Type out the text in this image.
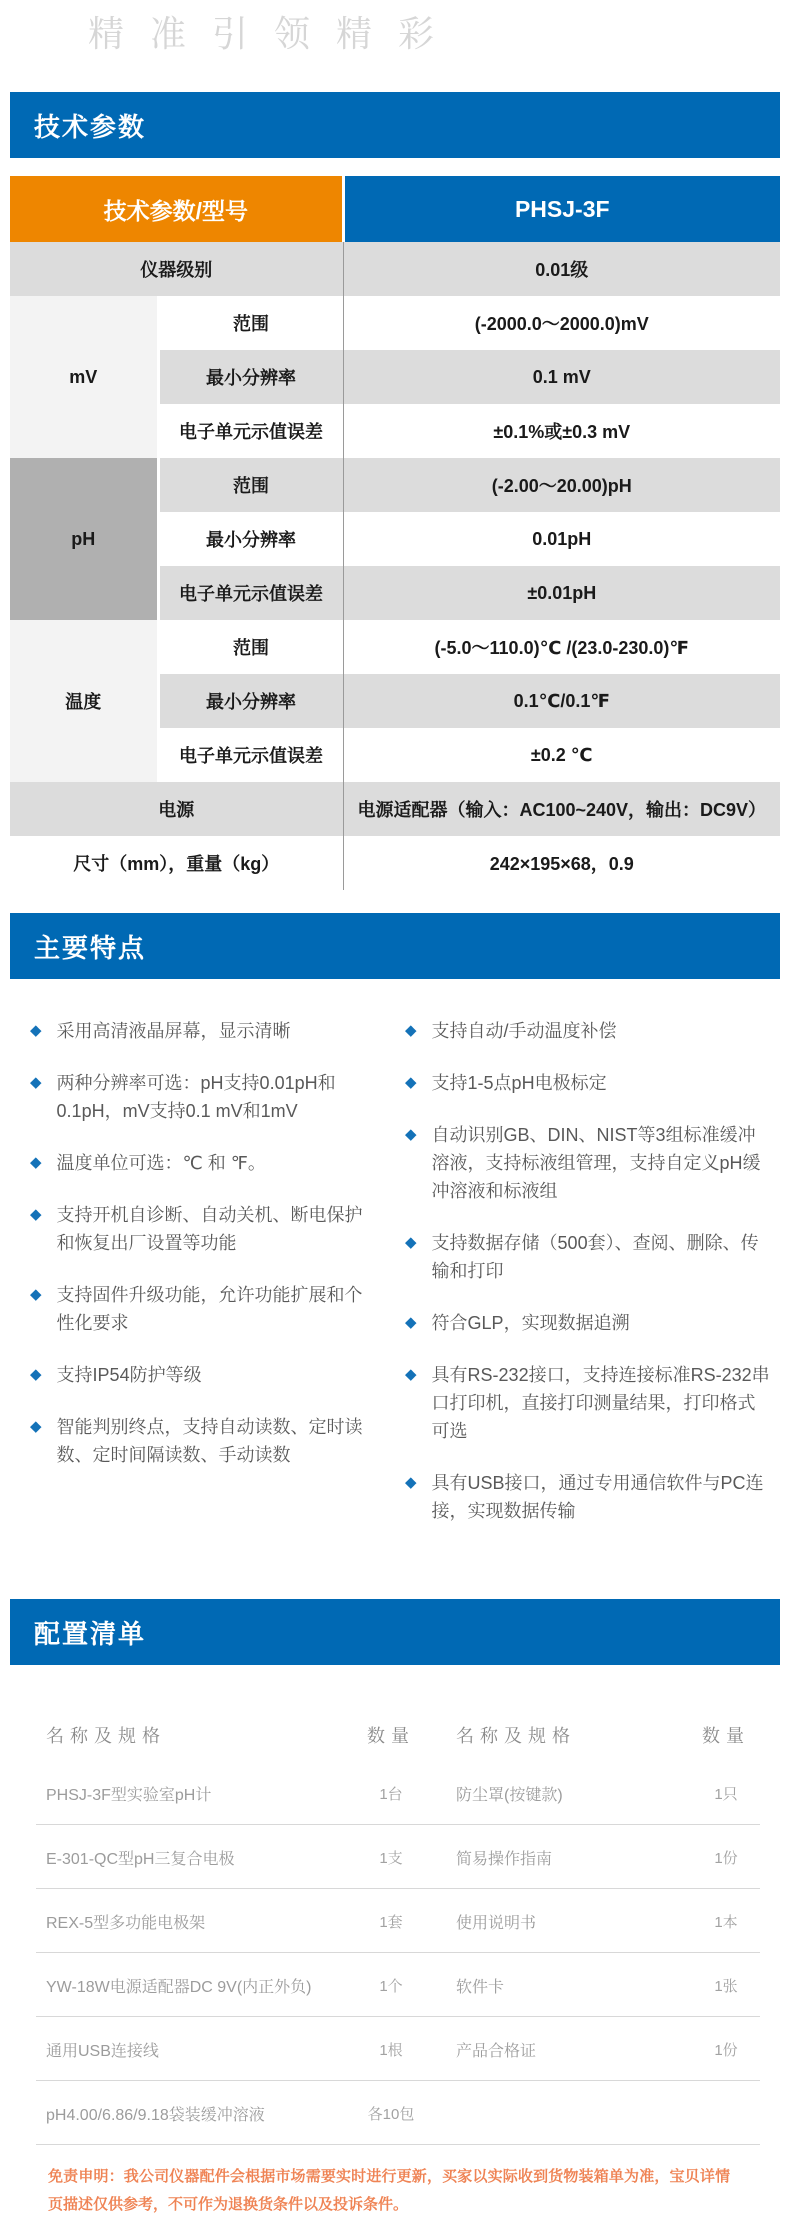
精准引领精彩
技术参数
技术参数/型号		PHSJ-3F
仪器级别		0.01级
mV	范围	(-2000.0～2000.0)mV
	最小分辨率	0.1 mV
	电子单元示值误差	±0.1%或±0.3 mV
pH	范围	(-2.00～20.00)pH
	最小分辨率	0.01pH
	电子单元示值误差	±0.01pH
温度	范围	(-5.0～110.0)℃ /(23.0-230.0)℉
	最小分辨率	0.1℃/0.1℉
	电子单元示值误差	±0.2 ℃
电源		电源适配器（输入：AC100~240V，输出：DC9V）
尺寸（mm），重量（kg）		242×195×68，0.9
主要特点
◆ 采用高清液晶屏幕，显示清晰
◆ 两种分辨率可选：pH支持0.01pH和0.1pH，mV支持0.1 mV和1mV
◆ 温度单位可选：℃ 和 ℉。
◆ 支持开机自诊断、自动关机、断电保护和恢复出厂设置等功能
◆ 支持固件升级功能，允许功能扩展和个性化要求
◆ 支持IP54防护等级
◆ 智能判别终点，支持自动读数、定时读数、定时间隔读数、手动读数
◆ 支持自动/手动温度补偿
◆ 支持1-5点pH电极标定
◆ 自动识别GB、DIN、NIST等3组标准缓冲溶液，支持标液组管理，支持自定义pH缓冲溶液和标液组
◆ 支持数据存储（500套）、查阅、删除、传输和打印
◆ 符合GLP，实现数据追溯
◆ 具有RS-232接口，支持连接标准RS-232串口打印机，直接打印测量结果，打印格式可选
◆ 具有USB接口，通过专用通信软件与PC连接，实现数据传输
配置清单
名称及规格	数量	名称及规格	数量
PHSJ-3F型实验室pH计	1台	防尘罩(按键款)	1只
E-301-QC型pH三复合电极	1支	简易操作指南	1份
REX-5型多功能电极架	1套	使用说明书	1本
YW-18W电源适配器DC 9V(内正外负)	1个	软件卡	1张
通用USB连接线	1根	产品合格证	1份
pH4.00/6.86/9.18袋装缓冲溶液	各10包
免责申明：我公司仪器配件会根据市场需要实时进行更新，买家以实际收到货物装箱单为准，宝贝详情页描述仅供参考，不可作为退换货条件以及投诉条件。
